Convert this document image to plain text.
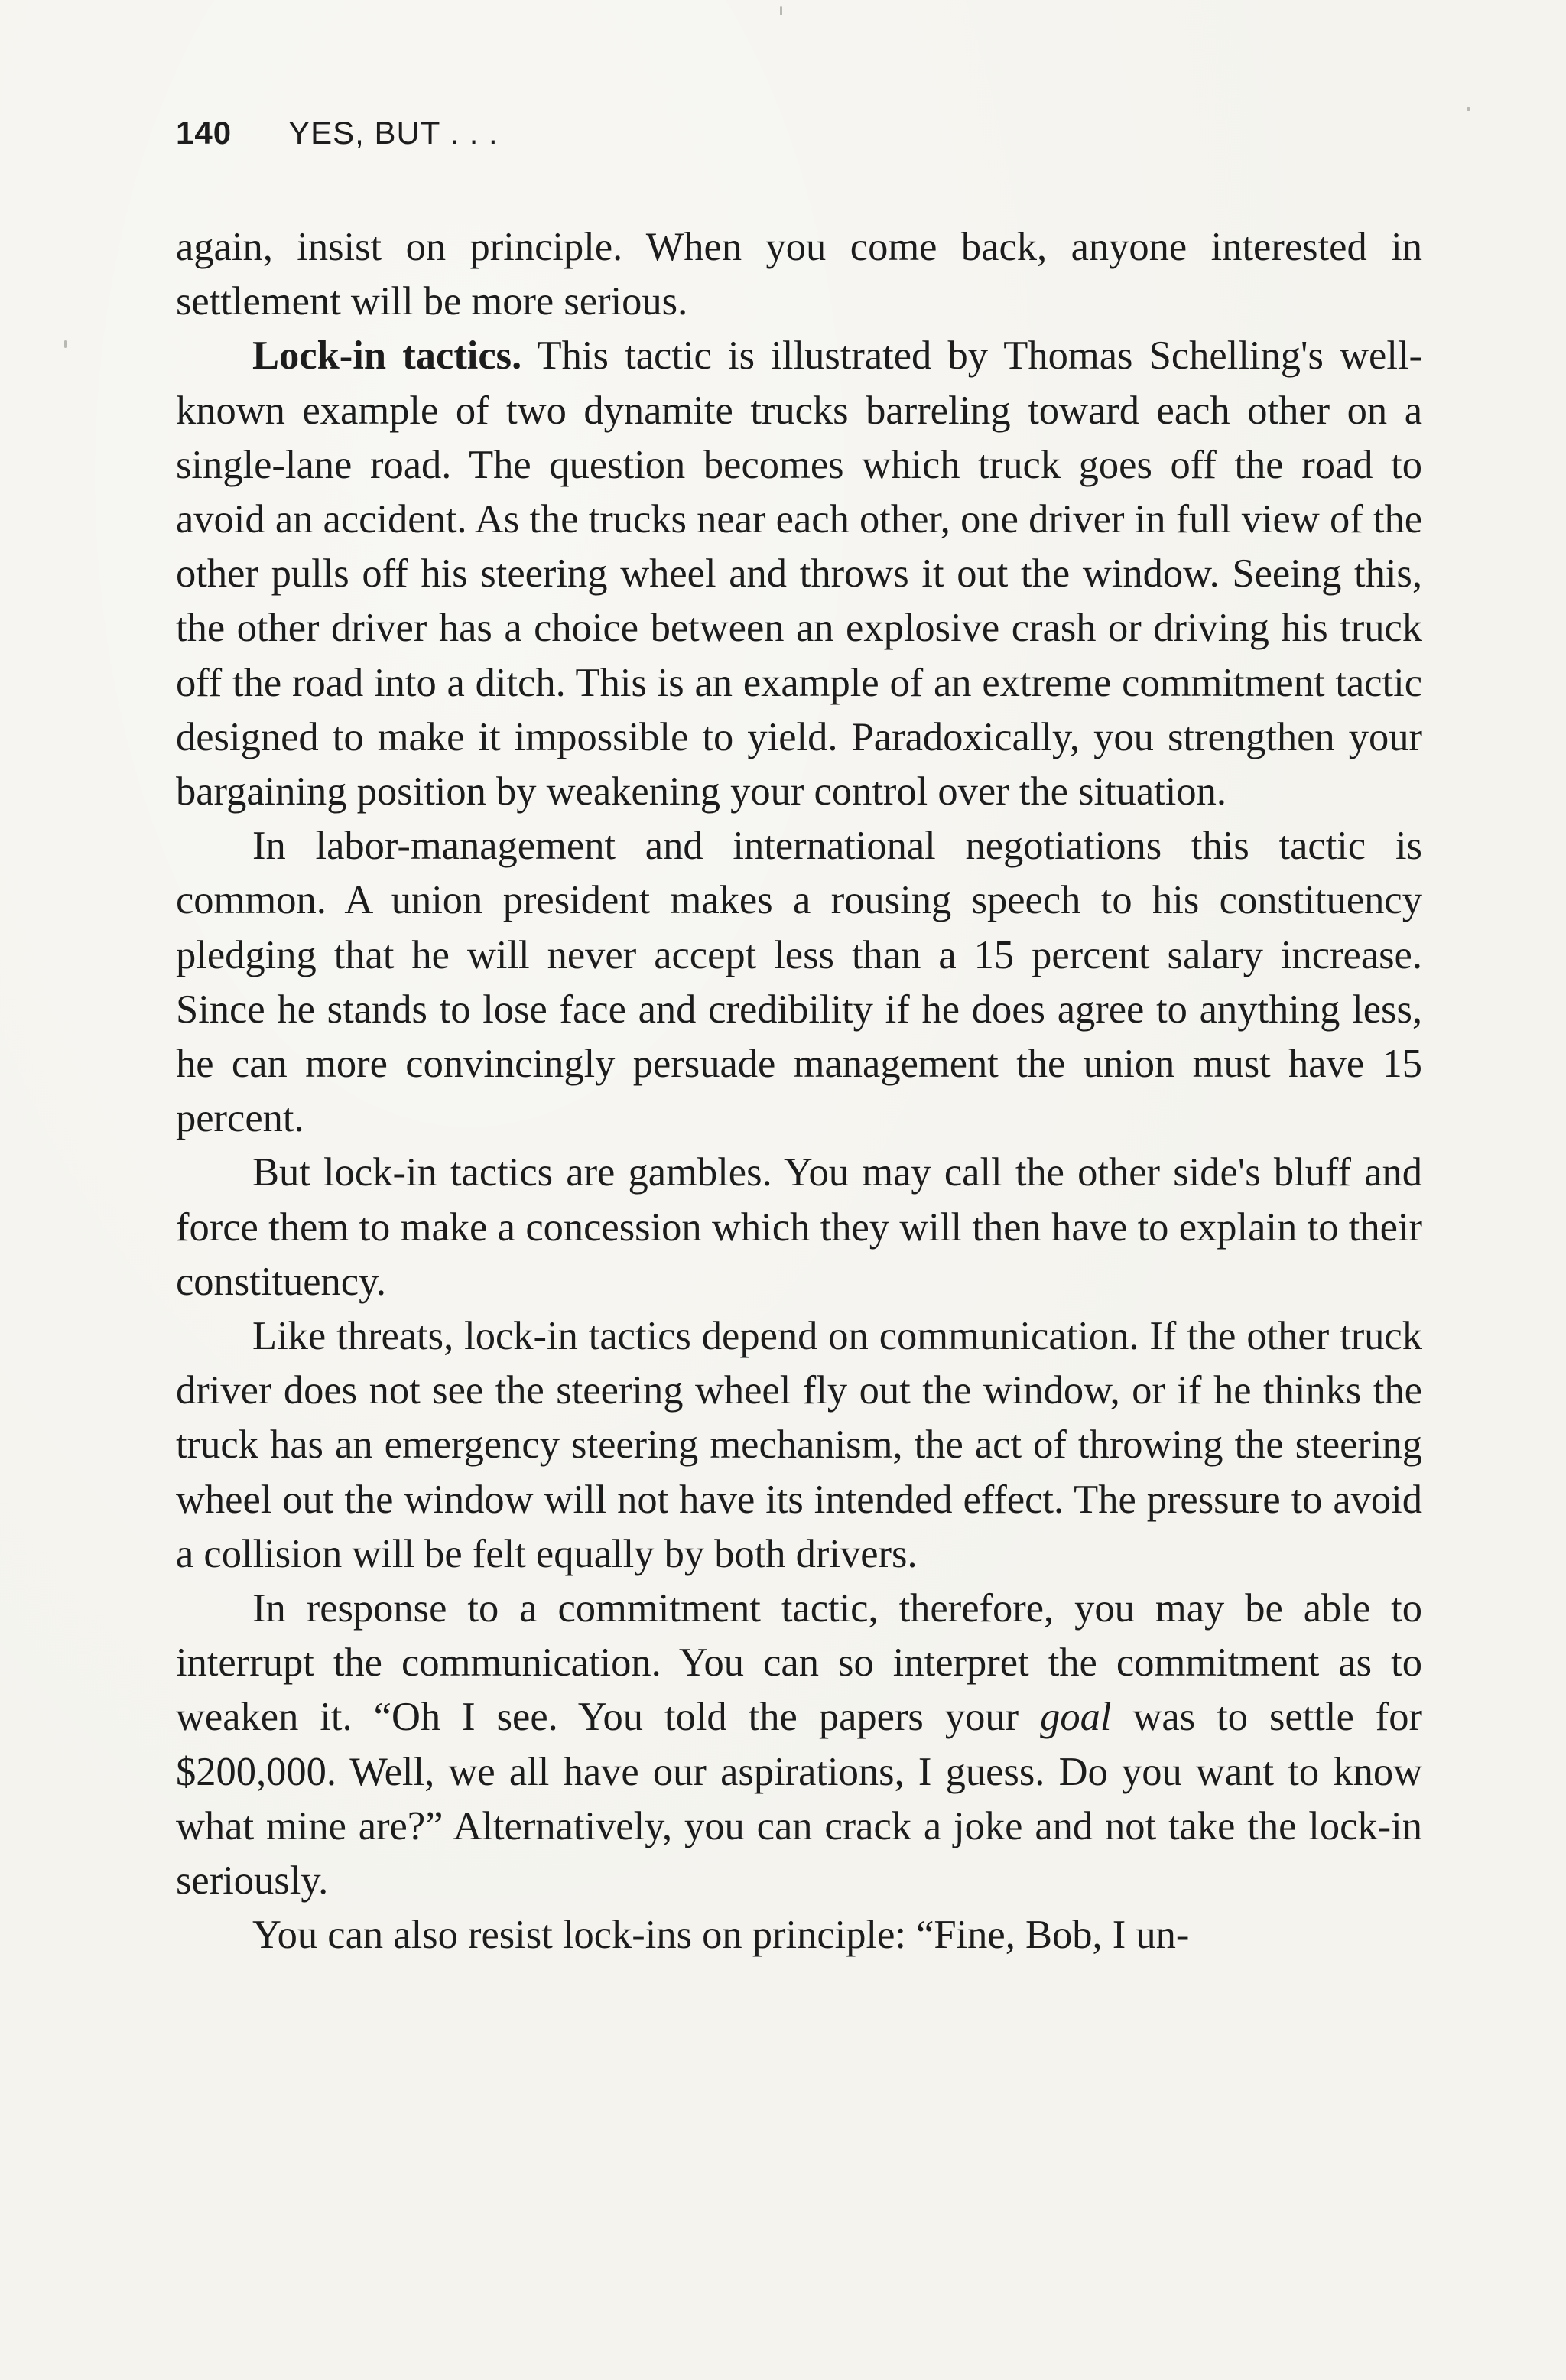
140 YES, BUT . . .

again, insist on principle. When you come back, anyone interested in settlement will be more serious.

Lock-in tactics. This tactic is illustrated by Thomas Schelling's well-known example of two dynamite trucks barreling toward each other on a single-lane road. The question becomes which truck goes off the road to avoid an accident. As the trucks near each other, one driver in full view of the other pulls off his steering wheel and throws it out the window. Seeing this, the other driver has a choice between an explosive crash or driving his truck off the road into a ditch. This is an example of an extreme commitment tactic designed to make it impossible to yield. Paradoxically, you strengthen your bargaining position by weakening your control over the situation.

In labor-management and international negotiations this tactic is common. A union president makes a rousing speech to his constituency pledging that he will never accept less than a 15 percent salary increase. Since he stands to lose face and credibility if he does agree to anything less, he can more convincingly persuade management the union must have 15 percent.

But lock-in tactics are gambles. You may call the other side's bluff and force them to make a concession which they will then have to explain to their constituency.

Like threats, lock-in tactics depend on communication. If the other truck driver does not see the steering wheel fly out the window, or if he thinks the truck has an emergency steering mechanism, the act of throwing the steering wheel out the window will not have its intended effect. The pressure to avoid a collision will be felt equally by both drivers.

In response to a commitment tactic, therefore, you may be able to interrupt the communication. You can so interpret the commitment as to weaken it. “Oh I see. You told the papers your goal was to settle for $200,000. Well, we all have our aspirations, I guess. Do you want to know what mine are?” Alternatively, you can crack a joke and not take the lock-in seriously.

You can also resist lock-ins on principle: “Fine, Bob, I un-
